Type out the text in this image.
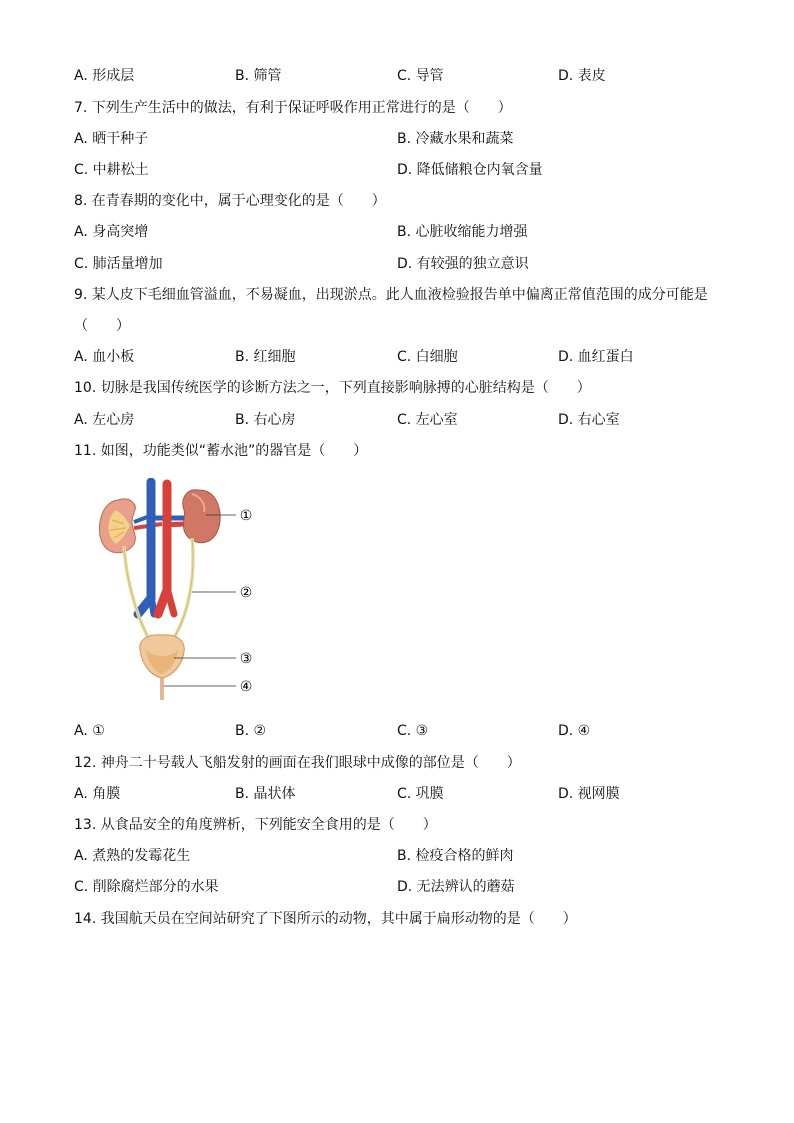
A. 形成层	B. 筛管	C. 导管	D. 表皮
7. 下列生产生活中的做法，有利于保证呼吸作用正常进行的是（　　）
A. 晒干种子	B. 冷藏水果和蔬菜
C. 中耕松土	D. 降低储粮仓内氧含量
8. 在青春期的变化中，属于心理变化的是（　　）
A. 身高突增	B. 心脏收缩能力增强
C. 肺活量增加	D. 有较强的独立意识
9. 某人皮下毛细血管溢血，不易凝血，出现淤点。此人血液检验报告单中偏离正常值范围的成分可能是
（　　）
A. 血小板	B. 红细胞	C. 白细胞	D. 血红蛋白
10. 切脉是我国传统医学的诊断方法之一，下列直接影响脉搏的心脏结构是（　　）
A. 左心房	B. 右心房	C. 左心室	D. 右心室
11. 如图，功能类似“蓄水池”的器官是（　　）
①
②
③
④
A. ①	B. ②	C. ③	D. ④
12. 神舟二十号载人飞船发射的画面在我们眼球中成像的部位是（　　）
A. 角膜	B. 晶状体	C. 巩膜	D. 视网膜
13. 从食品安全的角度辨析，下列能安全食用的是（　　）
A. 煮熟的发霉花生	B. 检疫合格的鲜肉
C. 削除腐烂部分的水果	D. 无法辨认的蘑菇
14. 我国航天员在空间站研究了下图所示的动物，其中属于扁形动物的是（　　）
